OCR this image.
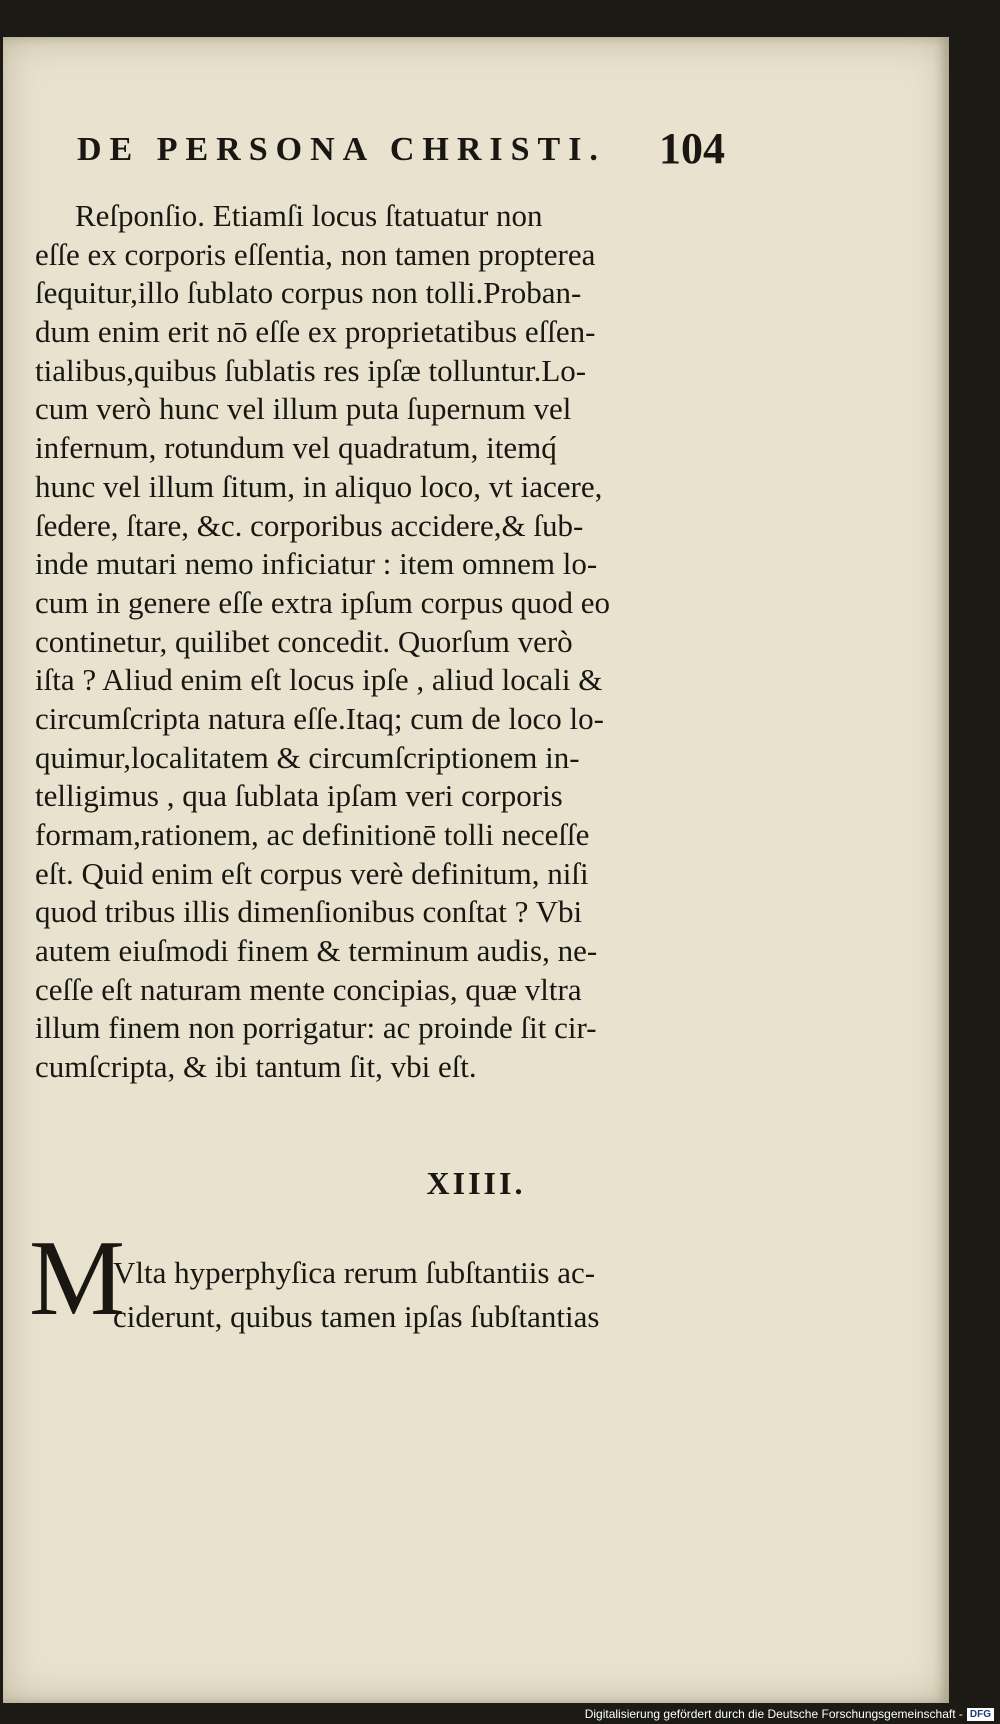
DE PERSONA CHRISTI. 104
Reſponſio. Etiamſi locus ſtatuatur non
eſſe ex corporis eſſentia, non tamen propterea
ſequitur,illo ſublato corpus non tolli.Proban-
dum enim erit nō eſſe ex proprietatibus eſſen-
tialibus,quibus ſublatis res ipſæ tolluntur.Lo-
cum verò hunc vel illum puta ſupernum vel
infernum, rotundum vel quadratum, itemq́
hunc vel illum ſitum, in aliquo loco, vt iacere,
ſedere, ſtare, &c. corporibus accidere,& ſub-
inde mutari nemo inficiatur : item omnem lo-
cum in genere eſſe extra ipſum corpus quod eo
continetur, quilibet concedit. Quorſum verò
iſta ? Aliud enim eſt locus ipſe , aliud locali &
circumſcripta natura eſſe.Itaq; cum de loco lo-
quimur,localitatem & circumſcriptionem in-
telligimus , qua ſublata ipſam veri corporis
formam,rationem, ac definitionē tolli neceſſe
eſt. Quid enim eſt corpus verè definitum, niſi
quod tribus illis dimenſionibus conſtat ? Vbi
autem eiuſmodi finem & terminum audis, ne-
ceſſe eſt naturam mente concipias, quæ vltra
illum finem non porrigatur: ac proinde ſit cir-
cumſcripta, & ibi tantum ſit, vbi eſt.
XIIII.
M
Vlta hyperphyſica rerum ſubſtantiis ac-
ciderunt, quibus tamen ipſas ſubſtantias
Digitalisierung gefördert durch die Deutsche Forschungsgemeinschaft - DFG
